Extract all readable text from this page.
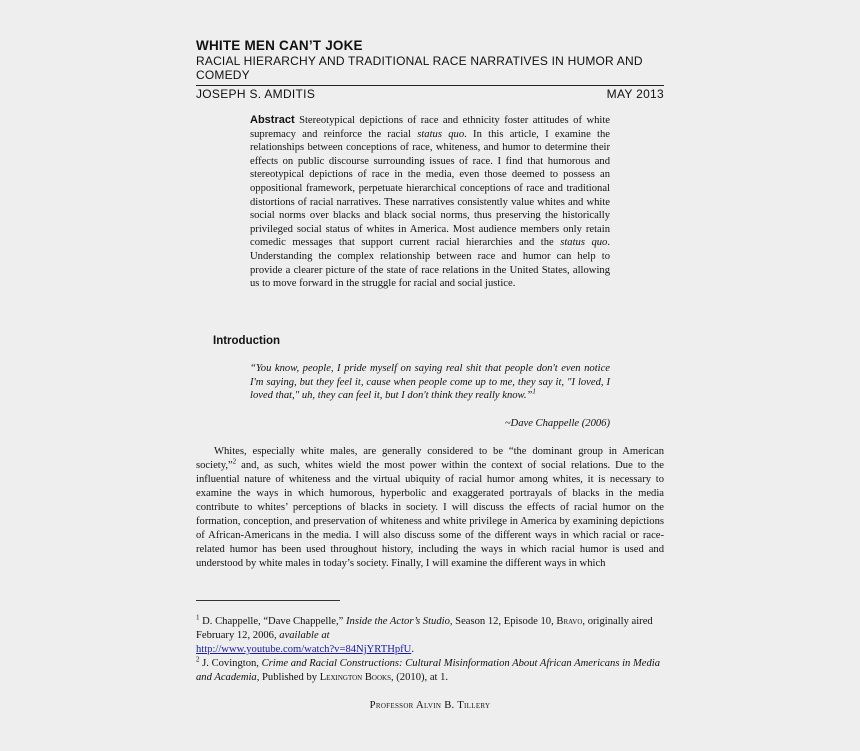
WHITE MEN CAN’T JOKE
RACIAL HIERARCHY AND TRADITIONAL RACE NARRATIVES IN HUMOR AND COMEDY
JOSEPH S. AMDITIS	MAY 2013
Abstract Stereotypical depictions of race and ethnicity foster attitudes of white supremacy and reinforce the racial status quo. In this article, I examine the relationships between conceptions of race, whiteness, and humor to determine their effects on public discourse surrounding issues of race. I find that humorous and stereotypical depictions of race in the media, even those deemed to possess an oppositional framework, perpetuate hierarchical conceptions of race and traditional distortions of racial narratives. These narratives consistently value whites and white social norms over blacks and black social norms, thus preserving the historically privileged social status of whites in America. Most audience members only retain comedic messages that support current racial hierarchies and the status quo. Understanding the complex relationship between race and humor can help to provide a clearer picture of the state of race relations in the United States, allowing us to move forward in the struggle for racial and social justice.
Introduction
“You know, people, I pride myself on saying real shit that people don't even notice I'm saying, but they feel it, cause when people come up to me, they say it, "I loved, I loved that," uh, they can feel it, but I don't think they really know.”$^1$
~Dave Chappelle (2006)
Whites, especially white males, are generally considered to be “the dominant group in American society,”$^2$ and, as such, whites wield the most power within the context of social relations. Due to the influential nature of whiteness and the virtual ubiquity of racial humor among whites, it is necessary to examine the ways in which humorous, hyperbolic and exaggerated portrayals of blacks in the media contribute to whites’ perceptions of blacks in society. I will discuss the effects of racial humor on the formation, conception, and preservation of whiteness and white privilege in America by examining depictions of African-Americans in the media. I will also discuss some of the different ways in which racial or race-related humor has been used throughout history, including the ways in which racial humor is used and understood by white males in today’s society. Finally, I will examine the different ways in which

$^1$ D. Chappelle, “Dave Chappelle,” Inside the Actor’s Studio, Season 12, Episode 10, Bravo, originally aired February 12, 2006, available at
http://www.youtube.com/watch?v=84NjYRTHpfU.

$^2$ J. Covington, Crime and Racial Constructions: Cultural Misinformation About African Americans in Media and Academia, Published by Lexington Books, (2010), at 1.

Professor Alvin B. Tillery
